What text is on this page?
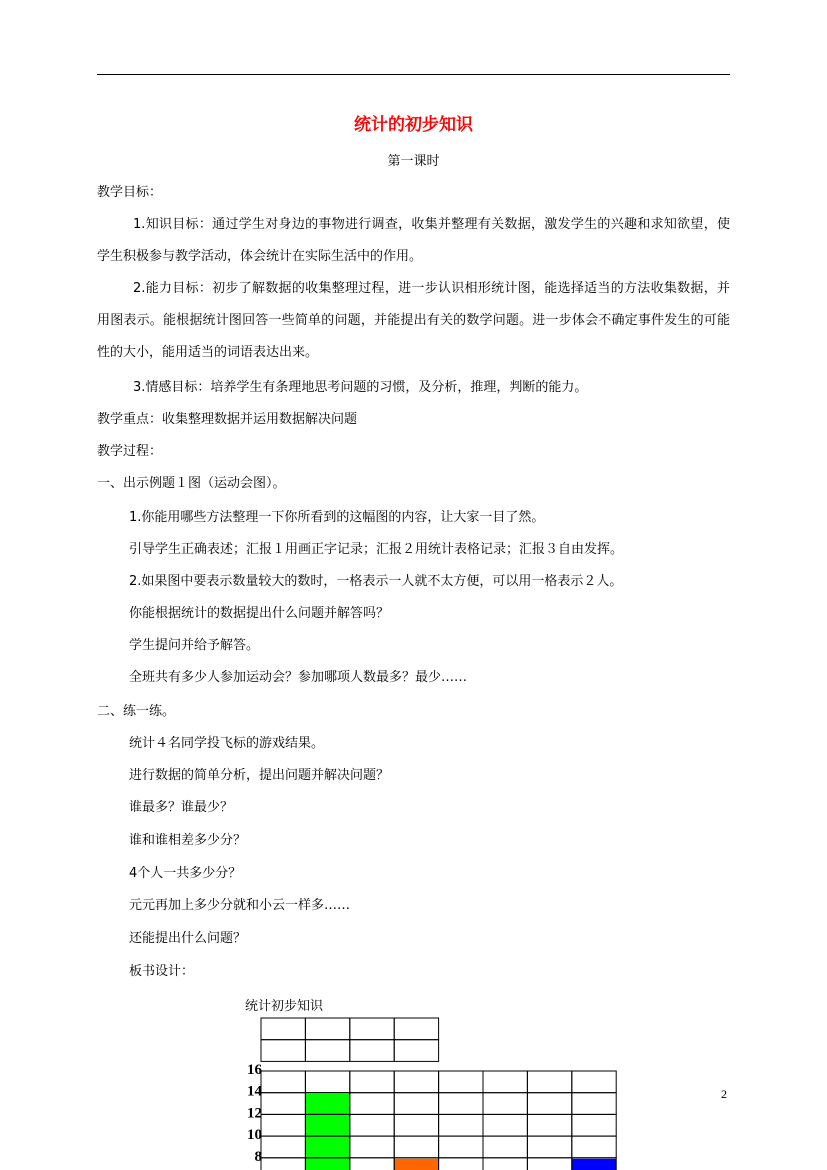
统计的初步知识
第一课时
教学目标：
1.知识目标：通过学生对身边的事物进行调查，收集并整理有关数据，激发学生的兴趣和求知欲望，使学生积极参与教学活动，体会统计在实际生活中的作用。
2.能力目标：初步了解数据的收集整理过程，进一步认识相形统计图，能选择适当的方法收集数据，并用图表示。能根据统计图回答一些简单的问题，并能提出有关的数学问题。进一步体会不确定事件发生的可能性的大小，能用适当的词语表达出来。
3.情感目标：培养学生有条理地思考问题的习惯，及分析，推理，判断的能力。
教学重点：收集整理数据并运用数据解决问题
教学过程：
一、出示例题１图（运动会图）。
1.你能用哪些方法整理一下你所看到的这幅图的内容，让大家一目了然。
引导学生正确表述；汇报１用画正字记录；汇报２用统计表格记录；汇报３自由发挥。
2.如果图中要表示数量较大的数时，一格表示一人就不太方便，可以用一格表示２人。
你能根据统计的数据提出什么问题并解答吗？
学生提问并给予解答。
全班共有多少人参加运动会？参加哪项人数最多？最少……
二、练一练。
统计４名同学投飞标的游戏结果。
进行数据的简单分析，提出问题并解决问题？
谁最多？谁最少？
谁和谁相差多少分？
4个人一共多少分？
元元再加上多少分就和小云一样多……
还能提出什么问题？
板书设计：
统计初步知识
16
14
12
10
8
2
